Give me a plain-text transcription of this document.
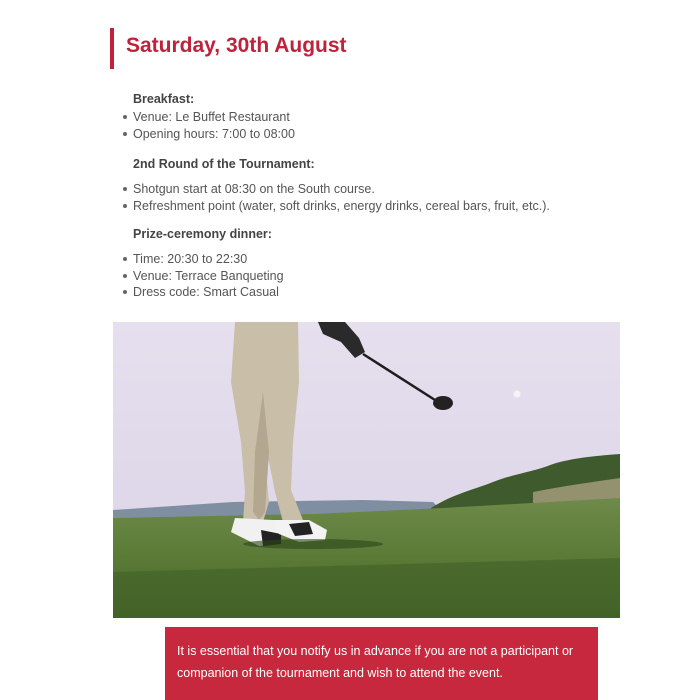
Saturday, 30th August
Breakfast:
Venue: Le Buffet Restaurant
Opening hours: 7:00 to 08:00
2nd Round of the Tournament:
Shotgun start at 08:30 on the South course.
Refreshment point (water, soft drinks, energy drinks, cereal bars, fruit, etc.).
Prize-ceremony dinner:
Time: 20:30 to 22:30
Venue: Terrace Banqueting
Dress code: Smart Casual

It is essential that you notify us in advance if you are not a participant or companion of the tournament and wish to attend the event.
